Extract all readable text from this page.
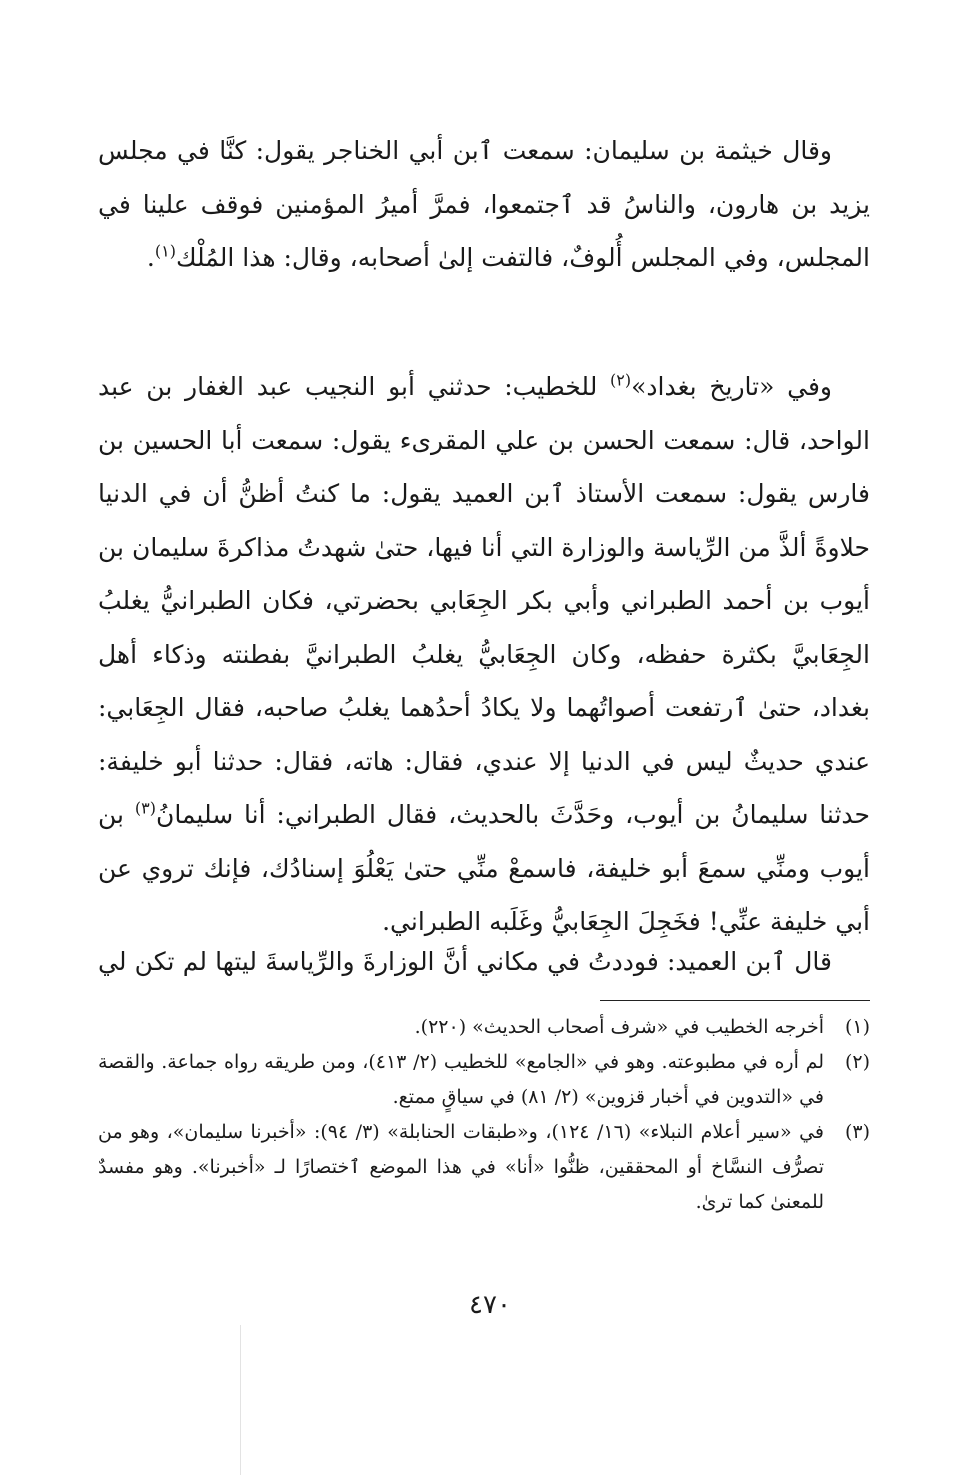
وقال خيثمة بن سليمان: سمعت ٱبن أبي الخناجر يقول: كنَّا في مجلس يزيد بن هارون، والناسُ قد ٱجتمعوا، فمرَّ أميرُ المؤمنين فوقف علينا في المجلس، وفي المجلس أُلوفٌ، فالتفت إلىٰ أصحابه، وقال: هذا المُلْك$^{(١)}$.

وفي «تاريخ بغداد»$^{(٢)}$ للخطيب: حدثني أبو النجيب عبد الغفار بن عبد الواحد، قال: سمعت الحسن بن علي المقرىء يقول: سمعت أبا الحسين بن فارس يقول: سمعت الأستاذ ٱبن العميد يقول: ما كنتُ أظنُّ أن في الدنيا حلاوةً ألذَّ من الرِّياسة والوزارة التي أنا فيها، حتىٰ شهدتُ مذاكرةَ سليمان بن أيوب بن أحمد الطبراني وأبي بكر الجِعَابي بحضرتي، فكان الطبرانيُّ يغلبُ الجِعَابيَّ بكثرة حفظه، وكان الجِعَابيُّ يغلبُ الطبرانيَّ بفطنته وذكاء أهل بغداد، حتىٰ ٱرتفعت أصواتُهما ولا يكادُ أحدُهما يغلبُ صاحبه، فقال الجِعَابي: عندي حديثٌ ليس في الدنيا إلا عندي، فقال: هاته، فقال: حدثنا أبو خليفة: حدثنا سليمانُ بن أيوب، وحَدَّثَ بالحديث، فقال الطبراني: أنا سليمانُ$^{(٣)}$ بن أيوب ومنِّي سمعَ أبو خليفة، فاسمعْ منِّي حتىٰ يَعْلُوَ إسنادُك، فإنك تروي عن أبي خليفة عنِّي! فخَجِلَ الجِعَابيُّ وغَلَبه الطبراني.

قال ٱبن العميد: فوددتُ في مكاني أنَّ الوزارةَ والرِّياسةَ ليتها لم تكن لي

(١)
أخرجه الخطيب في «شرف أصحاب الحديث» (٢٢٠).
(٢)
لم أره في مطبوعته. وهو في «الجامع» للخطيب (٢/ ٤١٣)، ومن طريقه رواه جماعة. والقصة في «التدوين في أخبار قزوين» (٢/ ٨١) في سياقٍ ممتع.
(٣)
في «سير أعلام النبلاء» (١٦/ ١٢٤)، و«طبقات الحنابلة» (٣/ ٩٤): «أخبرنا سليمان»، وهو من تصرُّف النسَّاخ أو المحققين، ظنُّوا «أنا» في هذا الموضع ٱختصارًا لـ «أخبرنا». وهو مفسدٌ للمعنىٰ كما ترىٰ.
٤٧٠
